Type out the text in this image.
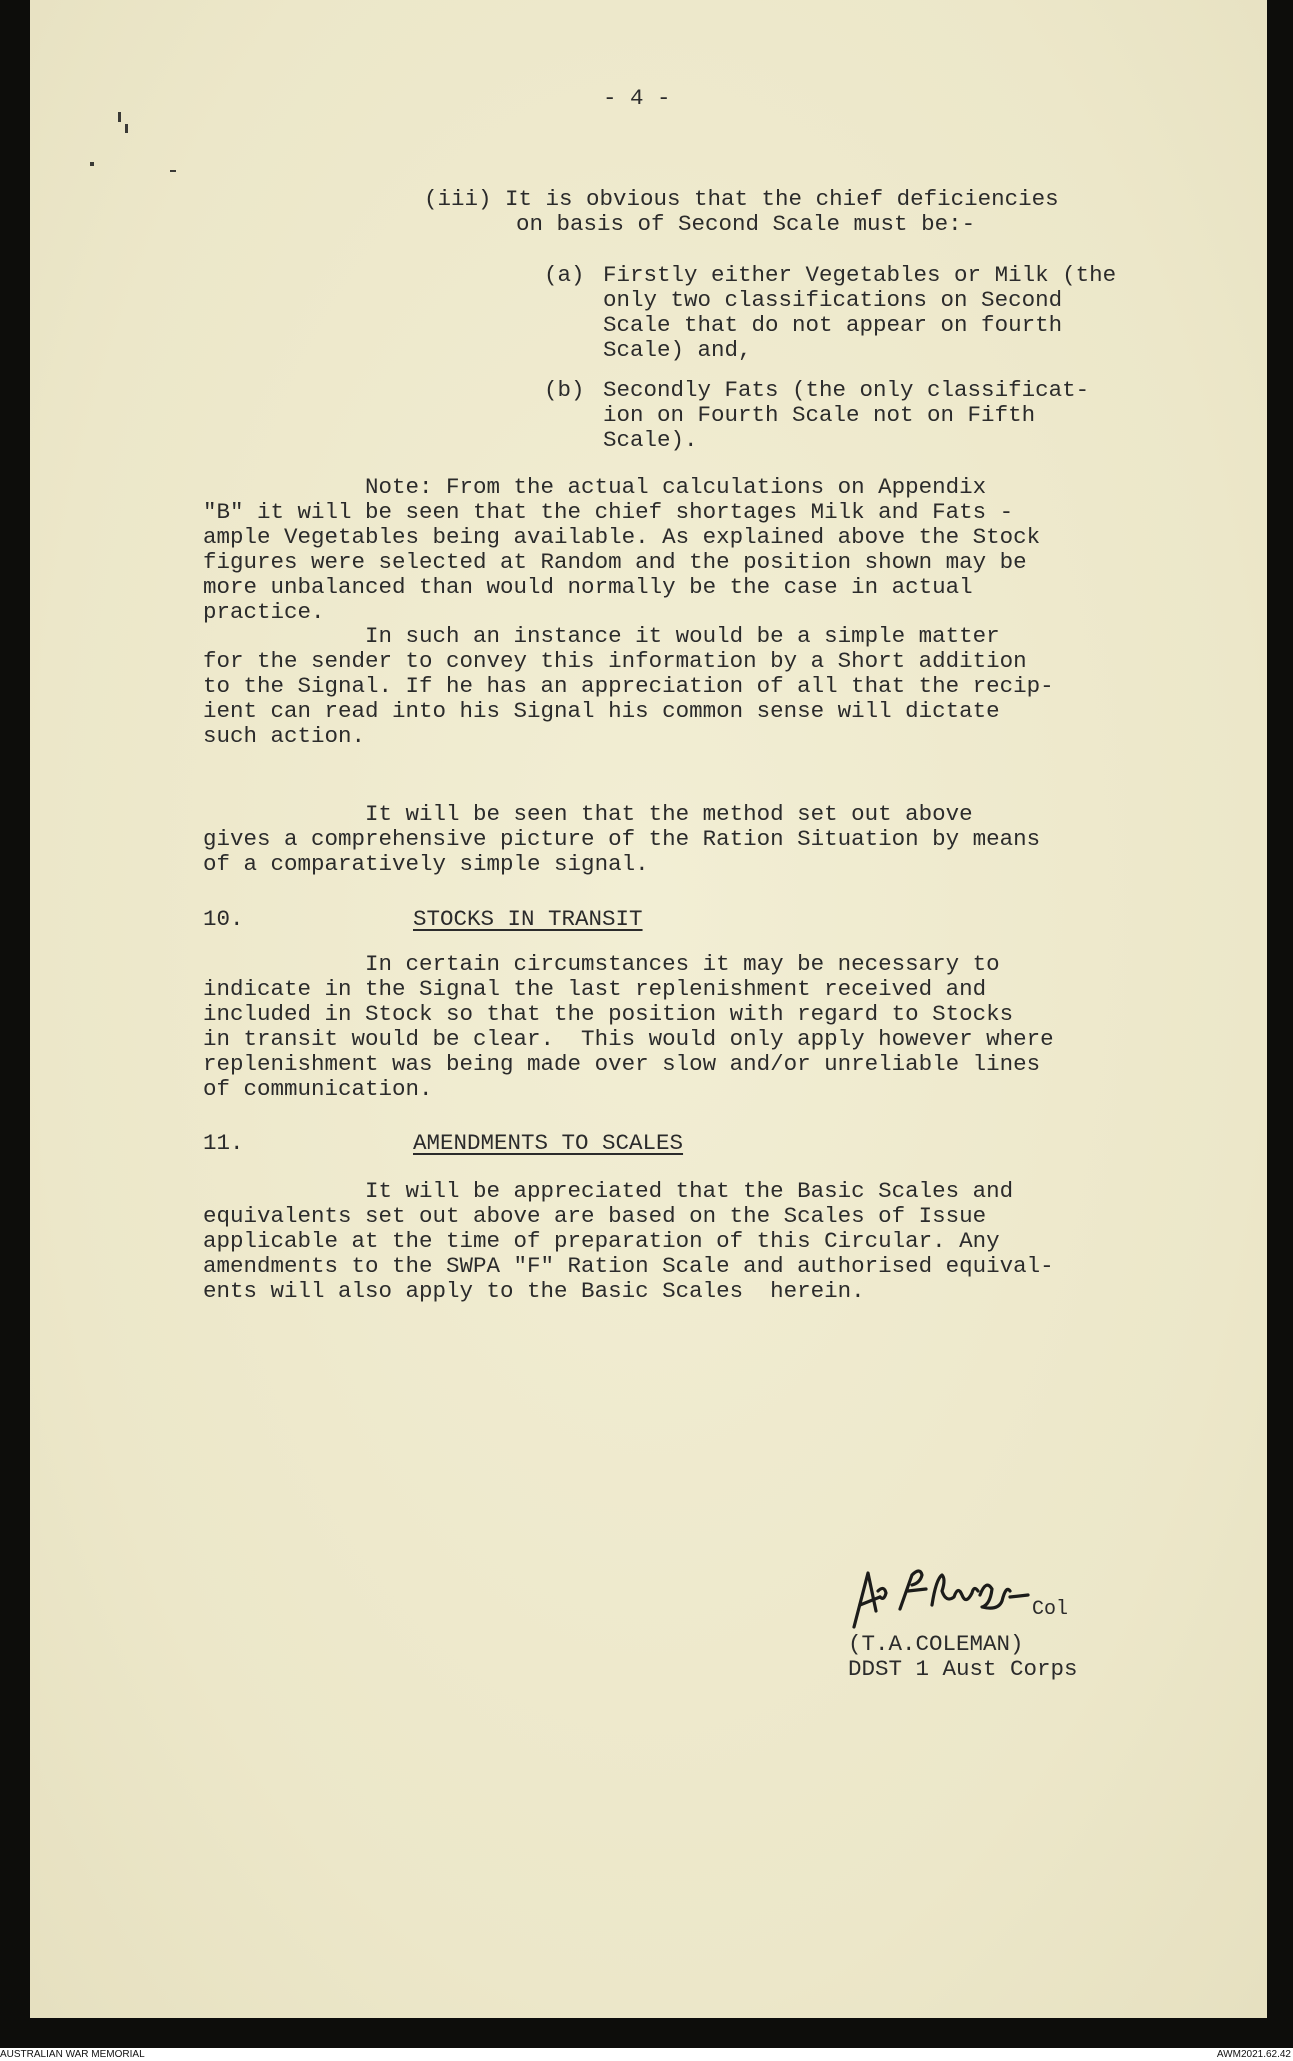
- 4 -

(iii) It is obvious that the chief deficiencies

on basis of Second Scale must be:-

(a) Firstly either Vegetables or Milk (the

only two classifications on Second

Scale that do not appear on fourth

Scale) and,

(b) Secondly Fats (the only classificat-

ion on Fourth Scale not on Fifth

Scale).

Note: From the actual calculations on Appendix

"B" it will be seen that the chief shortages Milk and Fats -

ample Vegetables being available. As explained above the Stock

figures were selected at Random and the position shown may be

more unbalanced than would normally be the case in actual

practice.

In such an instance it would be a simple matter

for the sender to convey this information by a Short addition

to the Signal. If he has an appreciation of all that the recip-

ient can read into his Signal his common sense will dictate

such action.

It will be seen that the method set out above

gives a comprehensive picture of the Ration Situation by means

of a comparatively simple signal.

10.	STOCKS IN TRANSIT

In certain circumstances it may be necessary to

indicate in the Signal the last replenishment received and

included in Stock so that the position with regard to Stocks

in transit would be clear.  This would only apply however where

replenishment was being made over slow and/or unreliable lines

of communication.

11.	AMENDMENTS TO SCALES

It will be appreciated that the Basic Scales and

equivalents set out above are based on the Scales of Issue

applicable at the time of preparation of this Circular. Any

amendments to the SWPA "F" Ration Scale and authorised equival-

ents will also apply to the Basic Scales  herein.

Col

(T.A.COLEMAN)

DDST 1 Aust Corps

AUSTRALIAN WAR MEMORIAL	AWM2021.62.42
